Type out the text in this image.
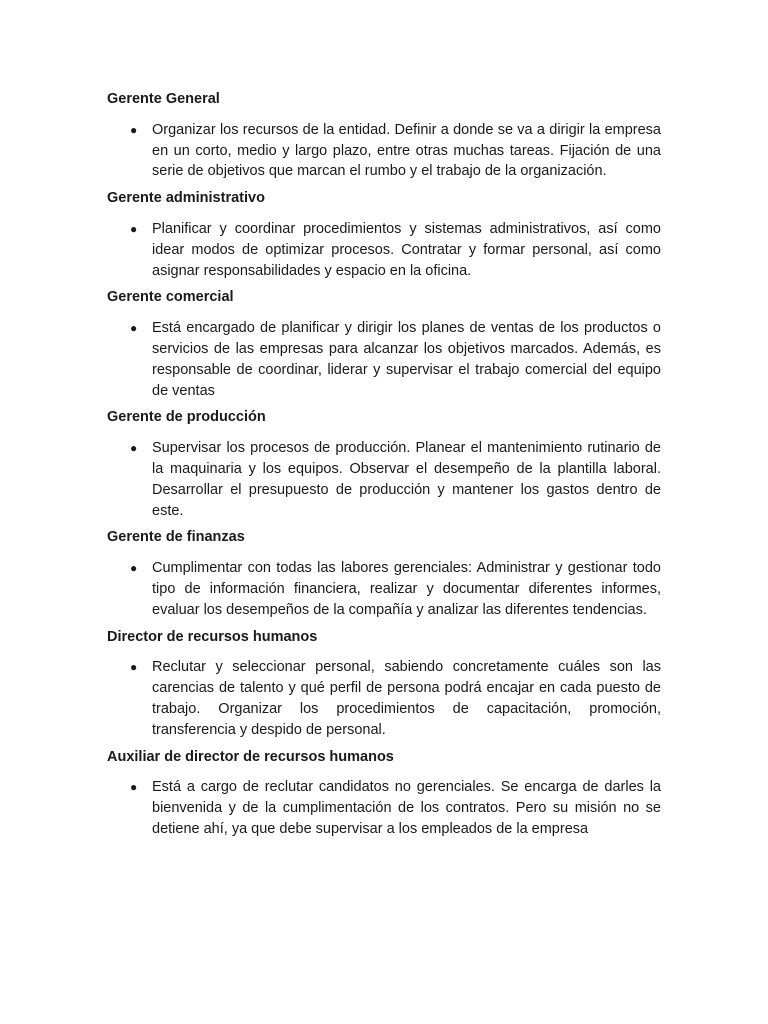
Gerente General

● Organizar los recursos de la entidad. Definir a donde se va a dirigir la empresa en un corto, medio y largo plazo, entre otras muchas tareas. Fijación de una serie de objetivos que marcan el rumbo y el trabajo de la organización.

Gerente administrativo

● Planificar y coordinar procedimientos y sistemas administrativos, así como idear modos de optimizar procesos. Contratar y formar personal, así como asignar responsabilidades y espacio en la oficina.

Gerente comercial

● Está encargado de planificar y dirigir los planes de ventas de los productos o servicios de las empresas para alcanzar los objetivos marcados. Además, es responsable de coordinar, liderar y supervisar el trabajo comercial del equipo de ventas

Gerente de producción

● Supervisar los procesos de producción. Planear el mantenimiento rutinario de la maquinaria y los equipos. Observar el desempeño de la plantilla laboral. Desarrollar el presupuesto de producción y mantener los gastos dentro de este.

Gerente de finanzas

● Cumplimentar con todas las labores gerenciales: Administrar y gestionar todo tipo de información financiera, realizar y documentar diferentes informes, evaluar los desempeños de la compañía y analizar las diferentes tendencias.

Director de recursos humanos

● Reclutar y seleccionar personal, sabiendo concretamente cuáles son las carencias de talento y qué perfil de persona podrá encajar en cada puesto de trabajo. Organizar los procedimientos de capacitación, promoción, transferencia y despido de personal.

Auxiliar de director de recursos humanos

● Está a cargo de reclutar candidatos no gerenciales. Se encarga de darles la bienvenida y de la cumplimentación de los contratos. Pero su misión no se detiene ahí, ya que debe supervisar a los empleados de la empresa
